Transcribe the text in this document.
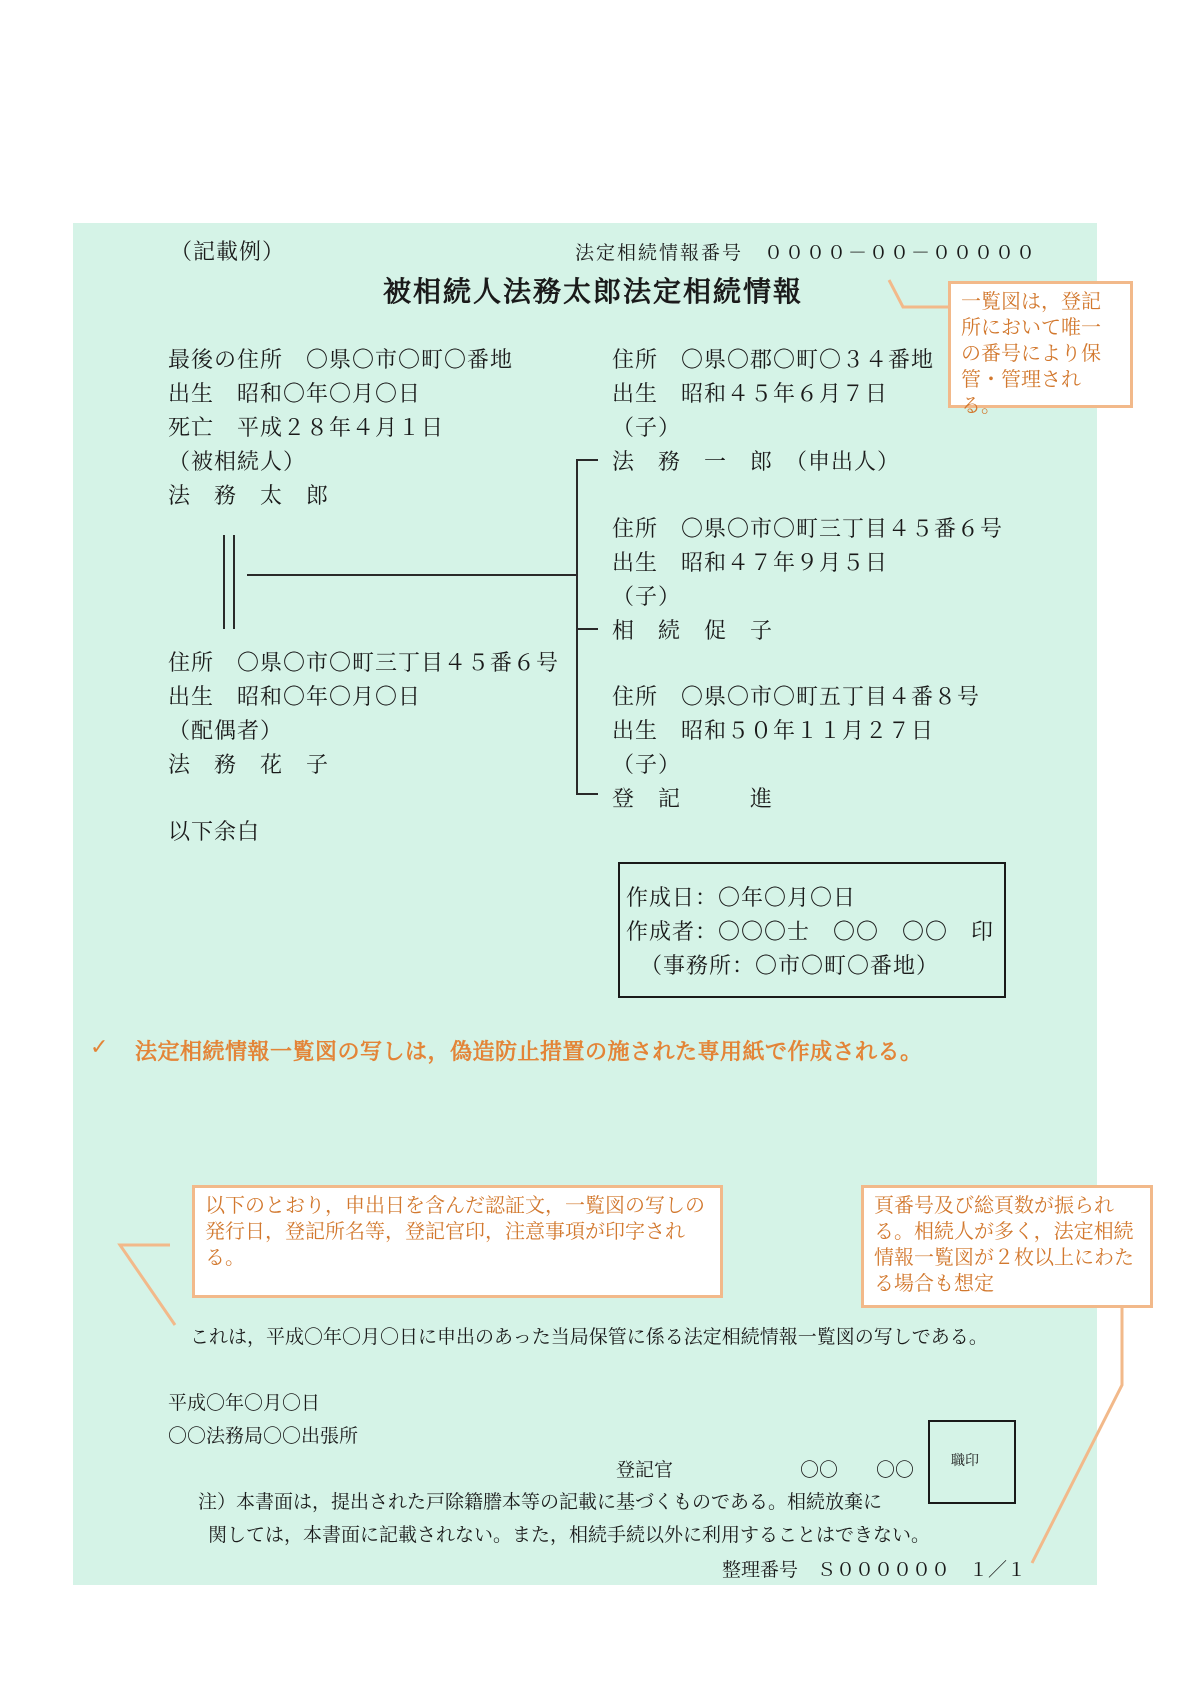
（記載例）	法定相続情報番号　００００－００－０００００
被相続人法務太郎法定相続情報
最後の住所　〇県〇市〇町〇番地
出生　昭和〇年〇月〇日
死亡　平成２８年４月１日
（被相続人）
法　務　太　郎
住所　〇県〇市〇町三丁目４５番６号
出生　昭和〇年〇月〇日
（配偶者）
法　務　花　子
以下余白
住所　〇県〇郡〇町〇３４番地
出生　昭和４５年６月７日
（子）
法　務　一　郎　（申出人）
住所　〇県〇市〇町三丁目４５番６号
出生　昭和４７年９月５日
（子）
相　続　促　子
住所　〇県〇市〇町五丁目４番８号
出生　昭和５０年１１月２７日
（子）
登　記　　　進
作成日：〇年〇月〇日
作成者：〇〇〇士　〇〇　〇〇　印
（事務所：〇市〇町〇番地）
✓ 法定相続情報一覧図の写しは，偽造防止措置の施された専用紙で作成される。
一覧図は，登記所において唯一の番号により保管・管理される。
以下のとおり，申出日を含んだ認証文，一覧図の写しの発行日，登記所名等，登記官印，注意事項が印字される。
頁番号及び総頁数が振られる。相続人が多く，法定相続情報一覧図が２枚以上にわたる場合も想定
これは，平成〇年〇月〇日に申出のあった当局保管に係る法定相続情報一覧図の写しである。
平成〇年〇月〇日
〇〇法務局〇〇出張所
登記官	〇〇　　〇〇	職印
注）本書面は，提出された戸除籍謄本等の記載に基づくものである。相続放棄に
関しては，本書面に記載されない。また，相続手続以外に利用することはできない。
整理番号　Ｓ００００００　１／１
